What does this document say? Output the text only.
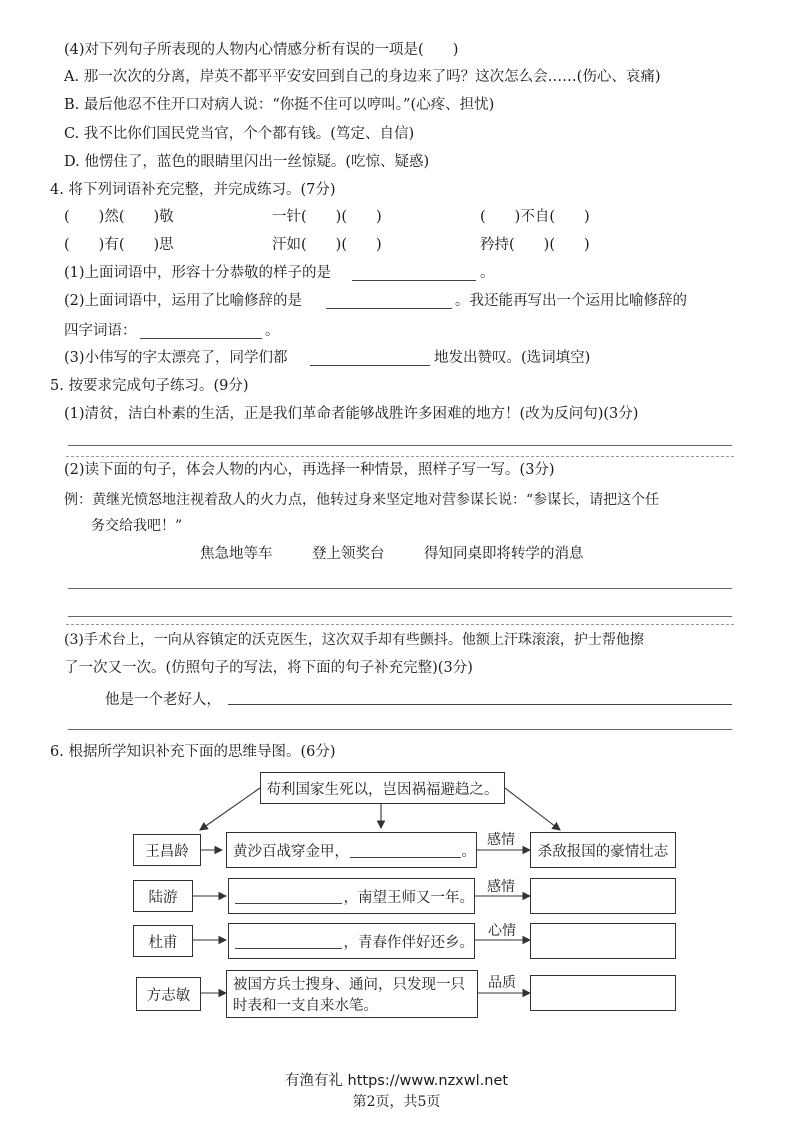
(4)对下列句子所表现的人物内心情感分析有误的一项是(　　)
A. 那一次次的分离，岸英不都平平安安回到自己的身边来了吗？这次怎么会……(伤心、哀痛)
B. 最后他忍不住开口对病人说：“你挺不住可以哼叫。”(心疼、担忧)
C. 我不比你们国民党当官，个个都有钱。(笃定、自信)
D. 他愣住了，蓝色的眼睛里闪出一丝惊疑。(吃惊、疑惑)
4. 将下列词语补充完整，并完成练习。(7分)
(　　)然(　　)敬	一针(　　)(　　)	(　　)不自(　　)
(　　)有(　　)思	汗如(　　)(　　)	矜持(　　)(　　)
(1)上面词语中，形容十分恭敬的样子的是	。
(2)上面词语中，运用了比喻修辞的是	。我还能再写出一个运用比喻修辞的
四字词语：	。
(3)小伟写的字太漂亮了，同学们都	地发出赞叹。(选词填空)
5. 按要求完成句子练习。(9分)
(1)清贫，洁白朴素的生活，正是我们革命者能够战胜许多困难的地方！(改为反问句)(3分)
(2)读下面的句子，体会人物的内心，再选择一种情景，照样子写一写。(3分)
例：黄继光愤怒地注视着敌人的火力点，他转过身来坚定地对营参谋长说：“参谋长，请把这个任
务交给我吧！”
焦急地等车	登上领奖台	得知同桌即将转学的消息
(3)手术台上，一向从容镇定的沃克医生，这次双手却有些颤抖。他额上汗珠滚滚，护士帮他擦
了一次又一次。(仿照句子的写法，将下面的句子补充完整)(3分)
他是一个老好人，
6. 根据所学知识补充下面的思维导图。(6分)
苟利国家生死以，岂因祸福避趋之。
王昌龄	黄沙百战穿金甲，	。
感情
杀敌报国的豪情壮志
陆游	，南望王师又一年。
感情
杜甫	，青春作伴好还乡。
心情
方志敏
被国方兵士搜身、通问，只发现一只时表和一支自来水笔。
品质
有渔有礼 https://www.nzxwl.net
第2页，共5页
